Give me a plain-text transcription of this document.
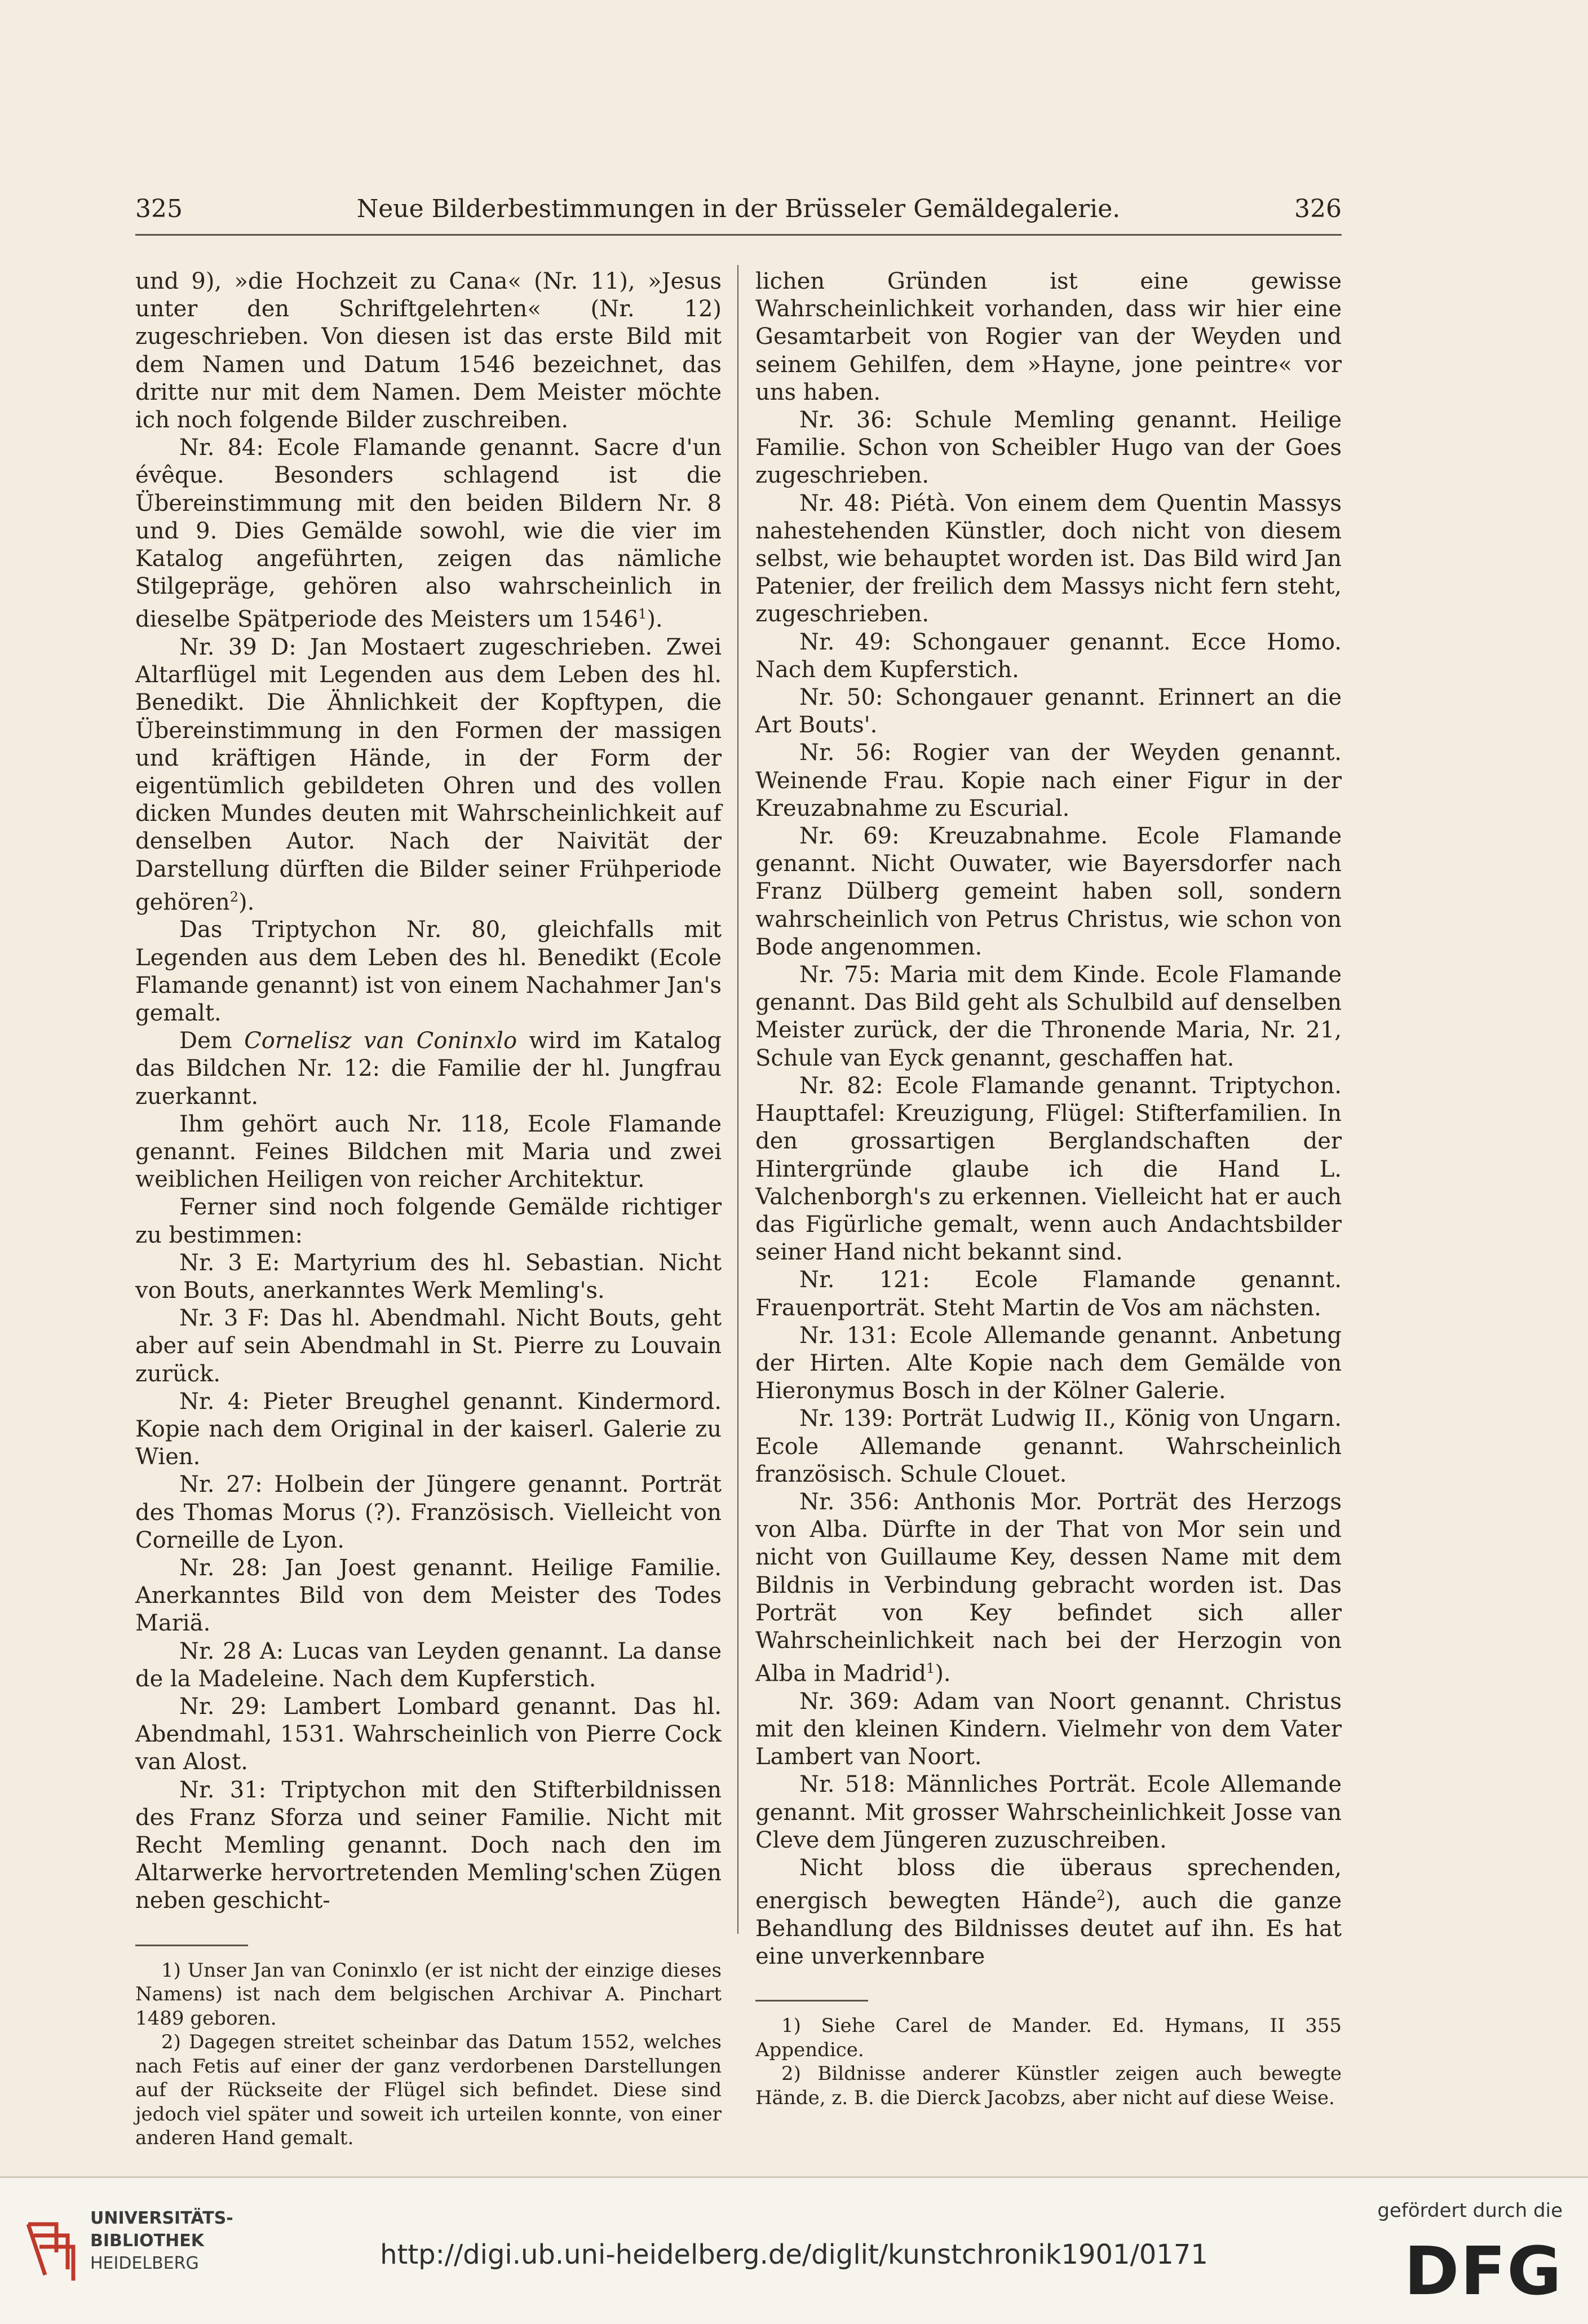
325	Neue Bilderbestimmungen in der Brüsseler Gemäldegalerie.	326

und 9), »die Hochzeit zu Cana« (Nr. 11), »Jesus unter den Schriftgelehrten« (Nr. 12) zugeschrieben. Von diesen ist das erste Bild mit dem Namen und Datum 1546 bezeichnet, das dritte nur mit dem Namen. Dem Meister möchte ich noch folgende Bilder zuschreiben.

Nr. 84: Ecole Flamande genannt. Sacre d'un évêque. Besonders schlagend ist die Übereinstimmung mit den beiden Bildern Nr. 8 und 9. Dies Gemälde sowohl, wie die vier im Katalog angeführten, zeigen das nämliche Stilgepräge, gehören also wahrscheinlich in dieselbe Spätperiode des Meisters um 1546$^1$).

Nr. 39 D: Jan Mostaert zugeschrieben. Zwei Altarflügel mit Legenden aus dem Leben des hl. Benedikt. Die Ähnlichkeit der Kopftypen, die Übereinstimmung in den Formen der massigen und kräftigen Hände, in der Form der eigentümlich gebildeten Ohren und des vollen dicken Mundes deuten mit Wahrscheinlichkeit auf denselben Autor. Nach der Naivität der Darstellung dürften die Bilder seiner Frühperiode gehören$^2$).

Das Triptychon Nr. 80, gleichfalls mit Legenden aus dem Leben des hl. Benedikt (Ecole Flamande genannt) ist von einem Nachahmer Jan's gemalt.

Dem Cornelisz van Coninxlo wird im Katalog das Bildchen Nr. 12: die Familie der hl. Jungfrau zuerkannt.

Ihm gehört auch Nr. 118, Ecole Flamande genannt. Feines Bildchen mit Maria und zwei weiblichen Heiligen von reicher Architektur.

Ferner sind noch folgende Gemälde richtiger zu bestimmen:

Nr. 3 E: Martyrium des hl. Sebastian. Nicht von Bouts, anerkanntes Werk Memling's.

Nr. 3 F: Das hl. Abendmahl. Nicht Bouts, geht aber auf sein Abendmahl in St. Pierre zu Louvain zurück.

Nr. 4: Pieter Breughel genannt. Kindermord. Kopie nach dem Original in der kaiserl. Galerie zu Wien.

Nr. 27: Holbein der Jüngere genannt. Porträt des Thomas Morus (?). Französisch. Vielleicht von Corneille de Lyon.

Nr. 28: Jan Joest genannt. Heilige Familie. Anerkanntes Bild von dem Meister des Todes Mariä.

Nr. 28 A: Lucas van Leyden genannt. La danse de la Madeleine. Nach dem Kupferstich.

Nr. 29: Lambert Lombard genannt. Das hl. Abendmahl, 1531. Wahrscheinlich von Pierre Cock van Alost.

Nr. 31: Triptychon mit den Stifterbildnissen des Franz Sforza und seiner Familie. Nicht mit Recht Memling genannt. Doch nach den im Altarwerke hervortretenden Memling'schen Zügen neben geschicht-

1) Unser Jan van Coninxlo (er ist nicht der einzige dieses Namens) ist nach dem belgischen Archivar A. Pinchart 1489 geboren.

2) Dagegen streitet scheinbar das Datum 1552, welches nach Fetis auf einer der ganz verdorbenen Darstellungen auf der Rückseite der Flügel sich befindet. Diese sind jedoch viel später und soweit ich urteilen konnte, von einer anderen Hand gemalt.

lichen Gründen ist eine gewisse Wahrscheinlichkeit vorhanden, dass wir hier eine Gesamtarbeit von Rogier van der Weyden und seinem Gehilfen, dem »Hayne, jone peintre« vor uns haben.

Nr. 36: Schule Memling genannt. Heilige Familie. Schon von Scheibler Hugo van der Goes zugeschrieben.

Nr. 48: Piétà. Von einem dem Quentin Massys nahestehenden Künstler, doch nicht von diesem selbst, wie behauptet worden ist. Das Bild wird Jan Patenier, der freilich dem Massys nicht fern steht, zugeschrieben.

Nr. 49: Schongauer genannt. Ecce Homo. Nach dem Kupferstich.

Nr. 50: Schongauer genannt. Erinnert an die Art Bouts'.

Nr. 56: Rogier van der Weyden genannt. Weinende Frau. Kopie nach einer Figur in der Kreuzabnahme zu Escurial.

Nr. 69: Kreuzabnahme. Ecole Flamande genannt. Nicht Ouwater, wie Bayersdorfer nach Franz Dülberg gemeint haben soll, sondern wahrscheinlich von Petrus Christus, wie schon von Bode angenommen.

Nr. 75: Maria mit dem Kinde. Ecole Flamande genannt. Das Bild geht als Schulbild auf denselben Meister zurück, der die Thronende Maria, Nr. 21, Schule van Eyck genannt, geschaffen hat.

Nr. 82: Ecole Flamande genannt. Triptychon. Haupttafel: Kreuzigung, Flügel: Stifterfamilien. In den grossartigen Berglandschaften der Hintergründe glaube ich die Hand L. Valchenborgh's zu erkennen. Vielleicht hat er auch das Figürliche gemalt, wenn auch Andachtsbilder seiner Hand nicht bekannt sind.

Nr. 121: Ecole Flamande genannt. Frauenporträt. Steht Martin de Vos am nächsten.

Nr. 131: Ecole Allemande genannt. Anbetung der Hirten. Alte Kopie nach dem Gemälde von Hieronymus Bosch in der Kölner Galerie.

Nr. 139: Porträt Ludwig II., König von Ungarn. Ecole Allemande genannt. Wahrscheinlich französisch. Schule Clouet.

Nr. 356: Anthonis Mor. Porträt des Herzogs von Alba. Dürfte in der That von Mor sein und nicht von Guillaume Key, dessen Name mit dem Bildnis in Verbindung gebracht worden ist. Das Porträt von Key befindet sich aller Wahrscheinlichkeit nach bei der Herzogin von Alba in Madrid$^1$).

Nr. 369: Adam van Noort genannt. Christus mit den kleinen Kindern. Vielmehr von dem Vater Lambert van Noort.

Nr. 518: Männliches Porträt. Ecole Allemande genannt. Mit grosser Wahrscheinlichkeit Josse van Cleve dem Jüngeren zuzuschreiben.

Nicht bloss die überaus sprechenden, energisch bewegten Hände$^2$), auch die ganze Behandlung des Bildnisses deutet auf ihn. Es hat eine unverkennbare

1) Siehe Carel de Mander. Ed. Hymans, II 355 Appendice.

2) Bildnisse anderer Künstler zeigen auch bewegte Hände, z. B. die Dierck Jacobzs, aber nicht auf diese Weise.

UNIVERSITÄTS-
BIBLIOTHEK
HEIDELBERG	http://digi.ub.uni-heidelberg.de/diglit/kunstchronik1901/0171
gefördert durch die
DFG
